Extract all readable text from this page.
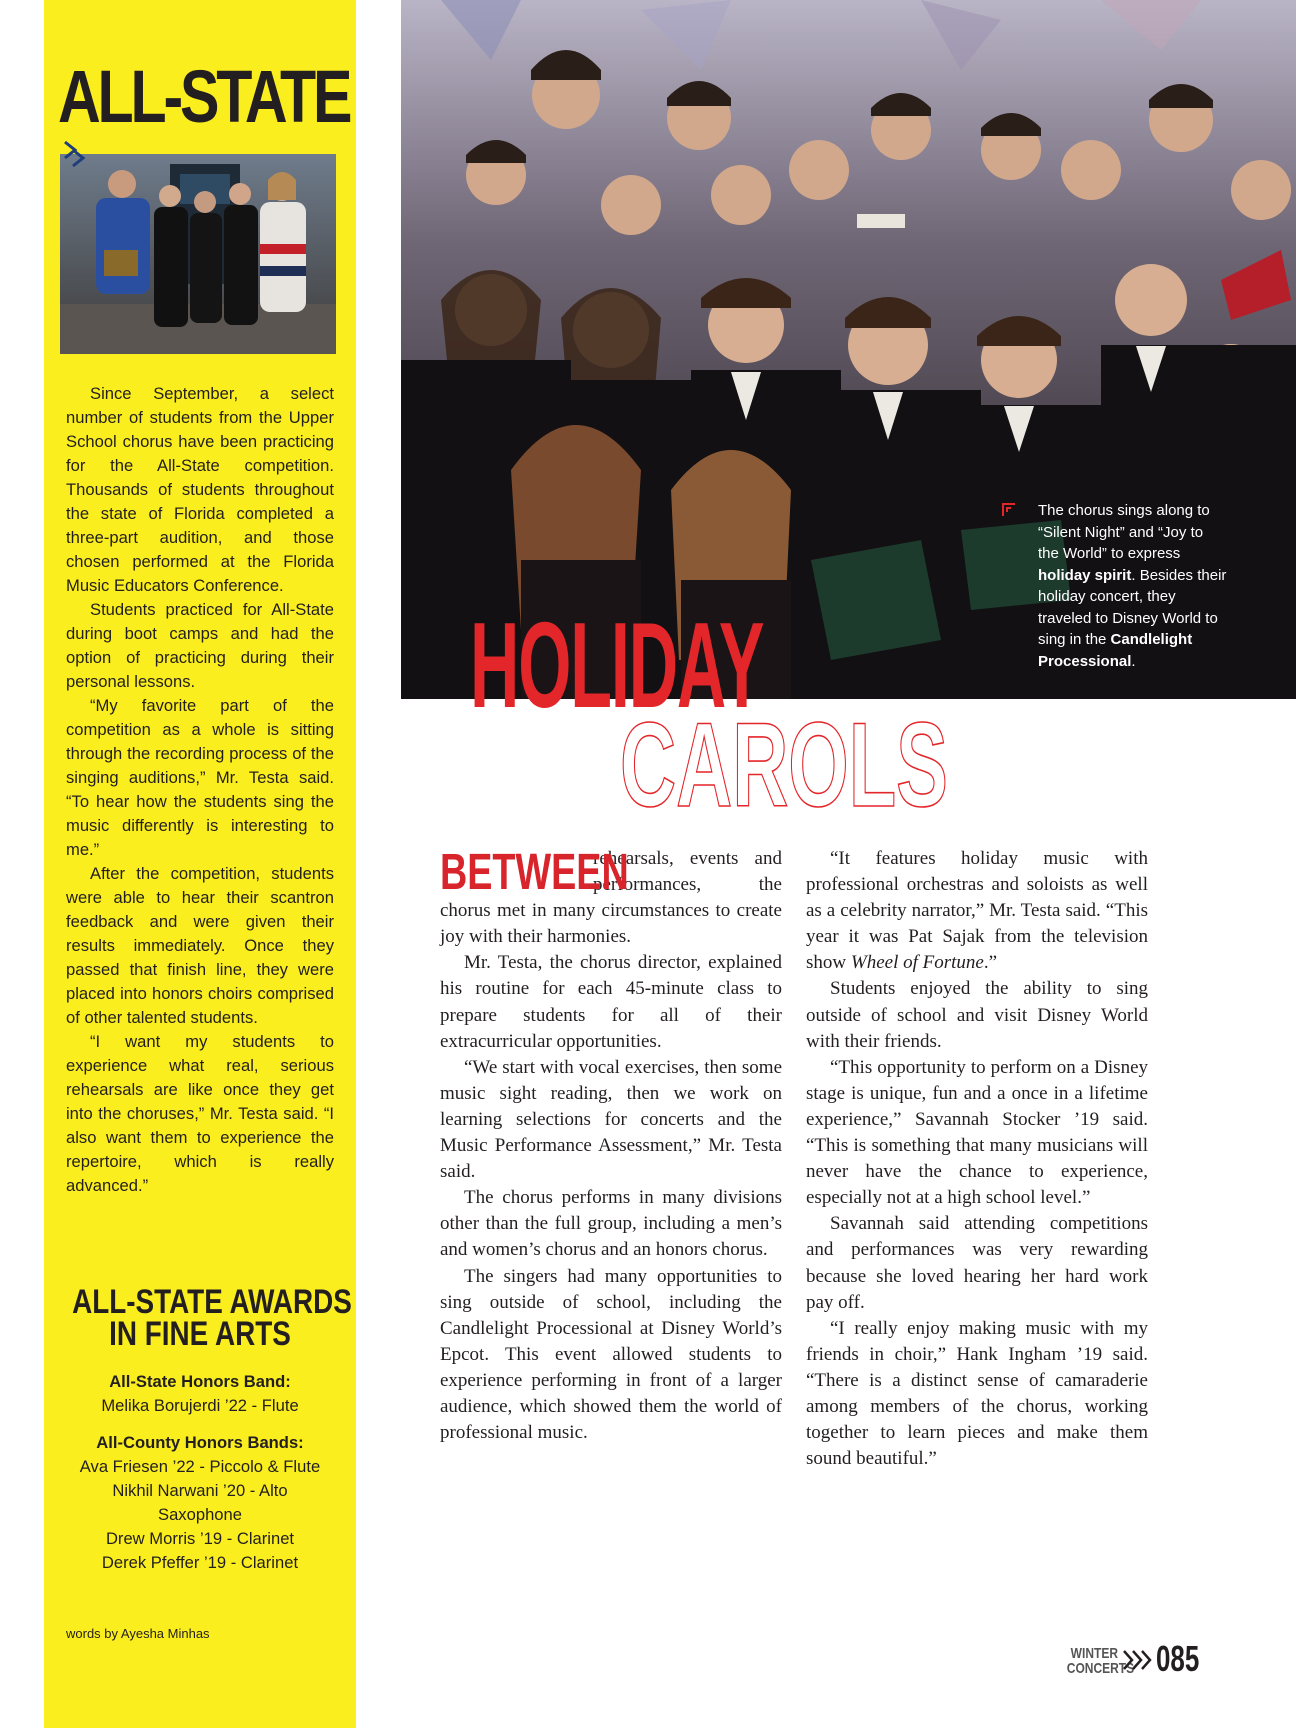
ALL-STATE

Since September, a select number of students from the Upper School chorus have been practicing for the All-State competition. Thousands of students throughout the state of Florida completed a three-part audition, and those chosen performed at the Florida Music Educators Conference.

Students practiced for All-State during boot camps and had the option of practicing during their personal lessons.

“My favorite part of the competition as a whole is sitting through the recording process of the singing auditions,” Mr. Testa said. “To hear how the students sing the music differently is interesting to me.”

After the competition, students were able to hear their scantron feedback and were given their results immediately. Once they passed that finish line, they were placed into honors choirs comprised of other talented students.

“I want my students to experience what real, serious rehearsals are like once they get into the choruses,” Mr. Testa said. “I also want them to experience the repertoire, which is really advanced.”

ALL-STATE AWARDS
IN FINE ARTS
All-State Honors Band:
Melika Borujerdi ’22 - Flute
All-County Honors Bands:
Ava Friesen ’22 - Piccolo & Flute
Nikhil Narwani ’20 - Alto Saxophone
Drew Morris ’19 - Clarinet
Derek Pfeffer ’19 - Clarinet
words by Ayesha Minhas
The chorus sings along to “Silent Night” and “Joy to the World” to express holiday spirit. Besides their holiday concert, they traveled to Disney World to sing in the Candlelight Processional.
HOLIDAY
CAROLS

BETWEEN
rehearsals, events and performances, the chorus met in many circumstances to create joy with their harmonies.

Mr. Testa, the chorus director, explained his routine for each 45-minute class to prepare students for all of their extracurricular opportunities.

“We start with vocal exercises, then some music sight reading, then we work on learning selections for concerts and the Music Performance Assessment,” Mr. Testa said.

The chorus performs in many divisions other than the full group, including a men’s and women’s chorus and an honors chorus.

The singers had many opportunities to sing outside of school, including the Candlelight Processional at Disney World’s Epcot. This event allowed students to experience performing in front of a larger audience, which showed them the world of professional music.

“It features holiday music with professional orchestras and soloists as well as a celebrity narrator,” Mr. Testa said. “This year it was Pat Sajak from the television show Wheel of Fortune.”

Students enjoyed the ability to sing outside of school and visit Disney World with their friends.

“This opportunity to perform on a Disney stage is unique, fun and a once in a lifetime experience,” Savannah Stocker ’19 said. “This is something that many musicians will never have the chance to experience, especially not at a high school level.”

Savannah said attending competitions and performances was very rewarding because she loved hearing her hard work pay off.

“I really enjoy making music with my friends in choir,” Hank Ingham ’19 said. “There is a distinct sense of camaraderie among members of the chorus, working together to learn pieces and make them sound beautiful.”

WINTER
CONCERTS 085
